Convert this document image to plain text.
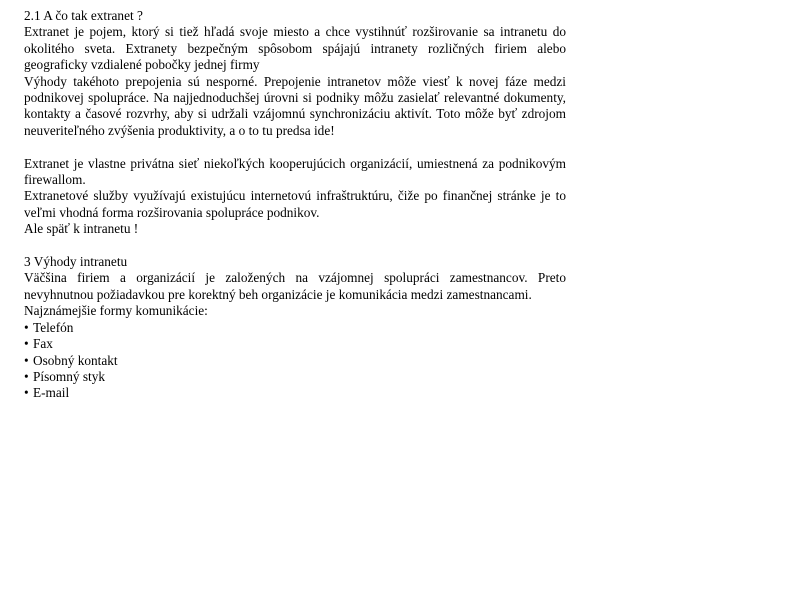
2.1 A čo tak extranet ?

Extranet je pojem, ktorý si tiež hľadá svoje miesto a chce vystihnúť rozširovanie sa intranetu do okolitého sveta. Extranety bezpečným spôsobom spájajú intranety rozličných firiem alebo geograficky vzdialené pobočky jednej firmy

Výhody takéhoto prepojenia sú nesporné. Prepojenie intranetov môže viesť k novej fáze medzi podnikovej spolupráce. Na najjednoduchšej úrovni si podniky môžu zasielať relevantné dokumenty, kontakty a časové rozvrhy, aby si udržali vzájomnú synchronizáciu aktivít. Toto môže byť zdrojom neuveriteľného zvýšenia produktivity, a o to tu predsa ide!

Extranet je vlastne privátna sieť niekoľkých kooperujúcich organizácií, umiestnená za podnikovým firewallom.

Extranetové služby využívajú existujúcu internetovú infraštruktúru, čiže po finančnej stránke je to veľmi vhodná forma rozširovania spolupráce podnikov.

Ale späť k intranetu !

3 Výhody intranetu

Väčšina firiem a organizácií je založených na vzájomnej spolupráci zamestnancov. Preto nevyhnutnou požiadavkou pre korektný beh organizácie je komunikácia medzi zamestnancami.

Najznámejšie formy komunikácie:

• Telefón
• Fax
• Osobný kontakt
• Písomný styk
• E-mail
